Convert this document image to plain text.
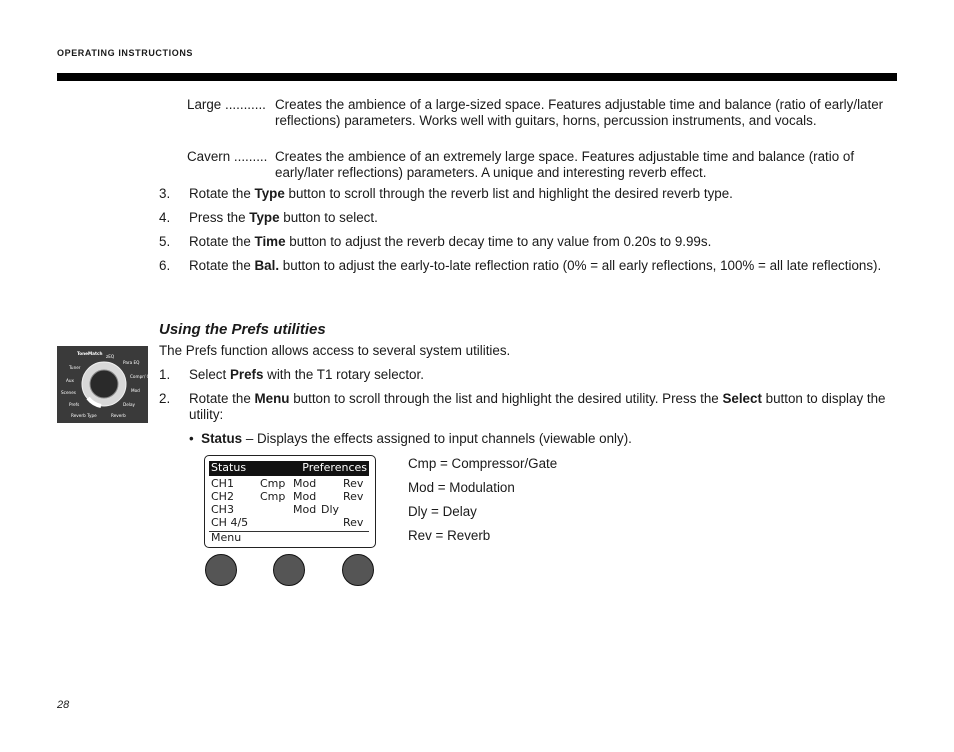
OPERATING INSTRUCTIONS
Large ........... Creates the ambience of a large-sized space. Features adjustable time and balance (ratio of early/later reflections) parameters. Works well with guitars, horns, percussion instruments, and vocals.
Cavern ......... Creates the ambience of an extremely large space. Features adjustable time and balance (ratio of early/later reflections) parameters. A unique and interesting reverb effect.
3.	Rotate the Type button to scroll through the reverb list and highlight the desired reverb type.
4.	Press the Type button to select.
5.	Rotate the Time button to adjust the reverb decay time to any value from 0.20s to 9.99s.
6.	Rotate the Bal. button to adjust the early-to-late reflection ratio (0% = all early reflections, 100% = all late reflections).
Using the Prefs utilities
ToneMatch
Tuner
Aux
Scenes
Prefs
zEQ
Para EQ
Compr/ Gate
Mod
Delay
Reverb Type	Reverb
The Prefs function allows access to several system utilities.
1.	Select Prefs with the T1 rotary selector.
2.	Rotate the Menu button to scroll through the list and highlight the desired utility. Press the Select button to display the utility:
• Status – Displays the effects assigned to input channels (viewable only).
Status	Preferences
CH1 Cmp Mod Rev
CH2 Cmp Mod Rev
CH3	Mod Dly
CH 4/5	Rev
Menu
Cmp = Compressor/Gate
Mod = Modulation
Dly = Delay
Rev = Reverb
28
